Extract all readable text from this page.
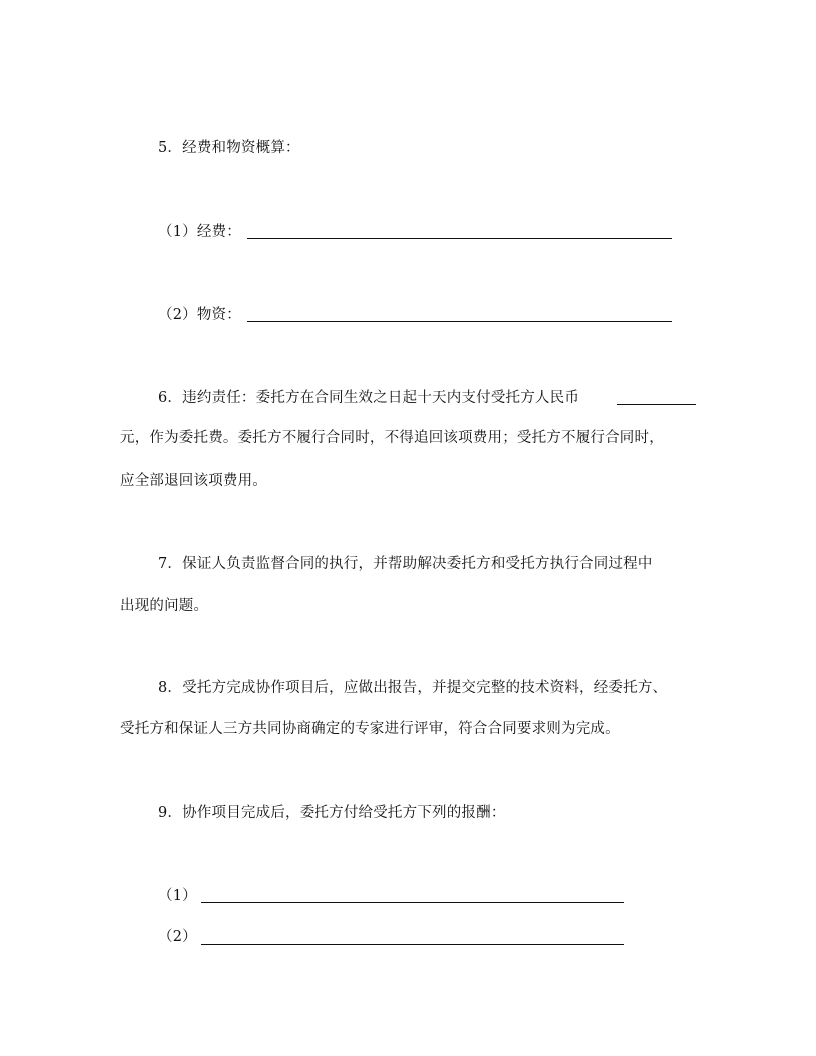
5．经费和物资概算：
（1）经费：
（2）物资：
6．违约责任：委托方在合同生效之日起十天内支付受托方人民币
元，作为委托费。委托方不履行合同时，不得追回该项费用；受托方不履行合同时，
应全部退回该项费用。
7．保证人负责监督合同的执行，并帮助解决委托方和受托方执行合同过程中
出现的问题。
8．受托方完成协作项目后，应做出报告，并提交完整的技术资料，经委托方、
受托方和保证人三方共同协商确定的专家进行评审，符合合同要求则为完成。
9．协作项目完成后，委托方付给受托方下列的报酬：
（1）
（2）
